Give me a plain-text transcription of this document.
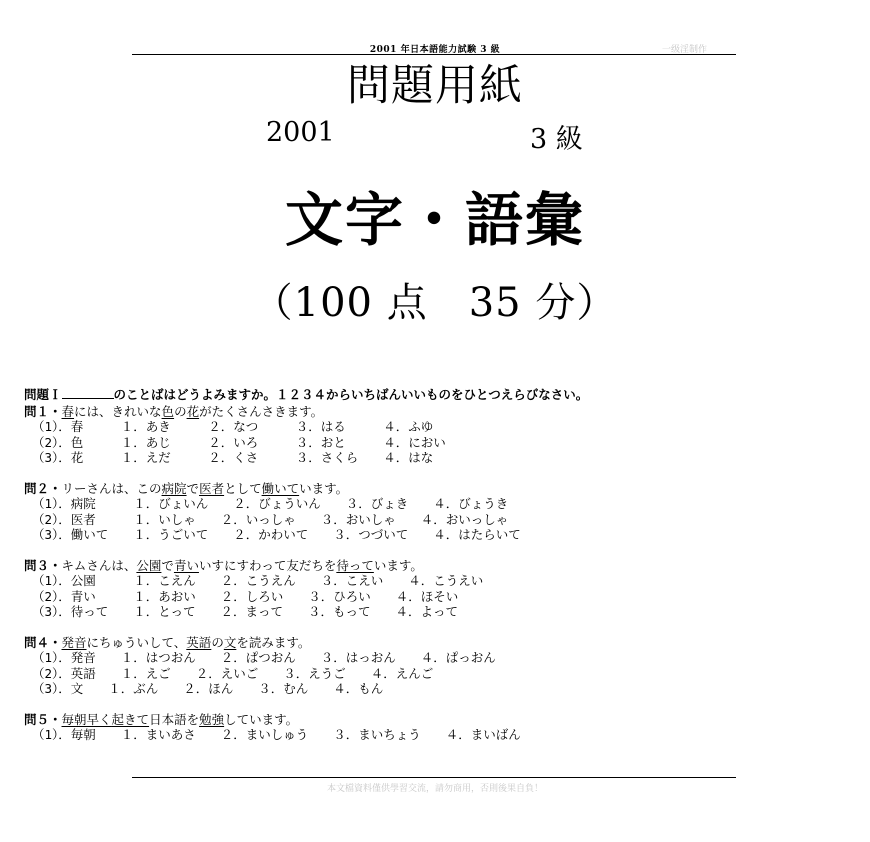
2001 年日本語能力試験 3 級	一级淫制作
問題用紙
2001	3 級
文字・語彙
（100 点　35 分）
問題Ｉ	のことばはどうよみますか。１２３４からいちばんいいものをひとつえらびなさい。
問１・春には、きれいな色の花がたくさんさきます。
（1）．春　　　１．あき　　　２．なつ　　　３．はる　　　４．ふゆ
（2）．色　　　１．あじ　　　２．いろ　　　３．おと　　　４．におい
（3）．花　　　１．えだ　　　２．くさ　　　３．さくら　　４．はな
問２・リーさんは、この病院で医者として働いています。
（1）．病院　　　１．びょいん　　２．びょういん　　３．びょき　　４．びょうき
（2）．医者　　　１．いしゃ　　２．いっしゃ　　３．おいしゃ　　４．おいっしゃ
（3）．働いて　　１．うごいて　　２．かわいて　　３．つづいて　　４．はたらいて
問３・キムさんは、公園で青いいすにすわって友だちを待っています。
（1）．公園　　　１．こえん　　２．こうえん　　３．こえい　　４．こうえい
（2）．青い　　　１．あおい　　２．しろい　　３．ひろい　　４．ほそい
（3）．待って　　１．とって　　２．まって　　３．もって　　４．よって
問４・発音にちゅういして、英語の文を読みます。
（1）．発音　　１．はつおん　　２．ぱつおん　　３．はっおん　　４．ぱっおん
（2）．英語　　１．えご　　２．えいご　　３．えうご　　４．えんご
（3）．文　　１．ぶん　　２．ほん　　３．むん　　４．もん
問５・毎朝早く起きて日本語を勉強しています。
（1）．毎朝　　１．まいあさ　　２．まいしゅう　　３．まいちょう　　４．まいばん
本文檔資料僅供學習交流，請勿商用，否則後果自負！
